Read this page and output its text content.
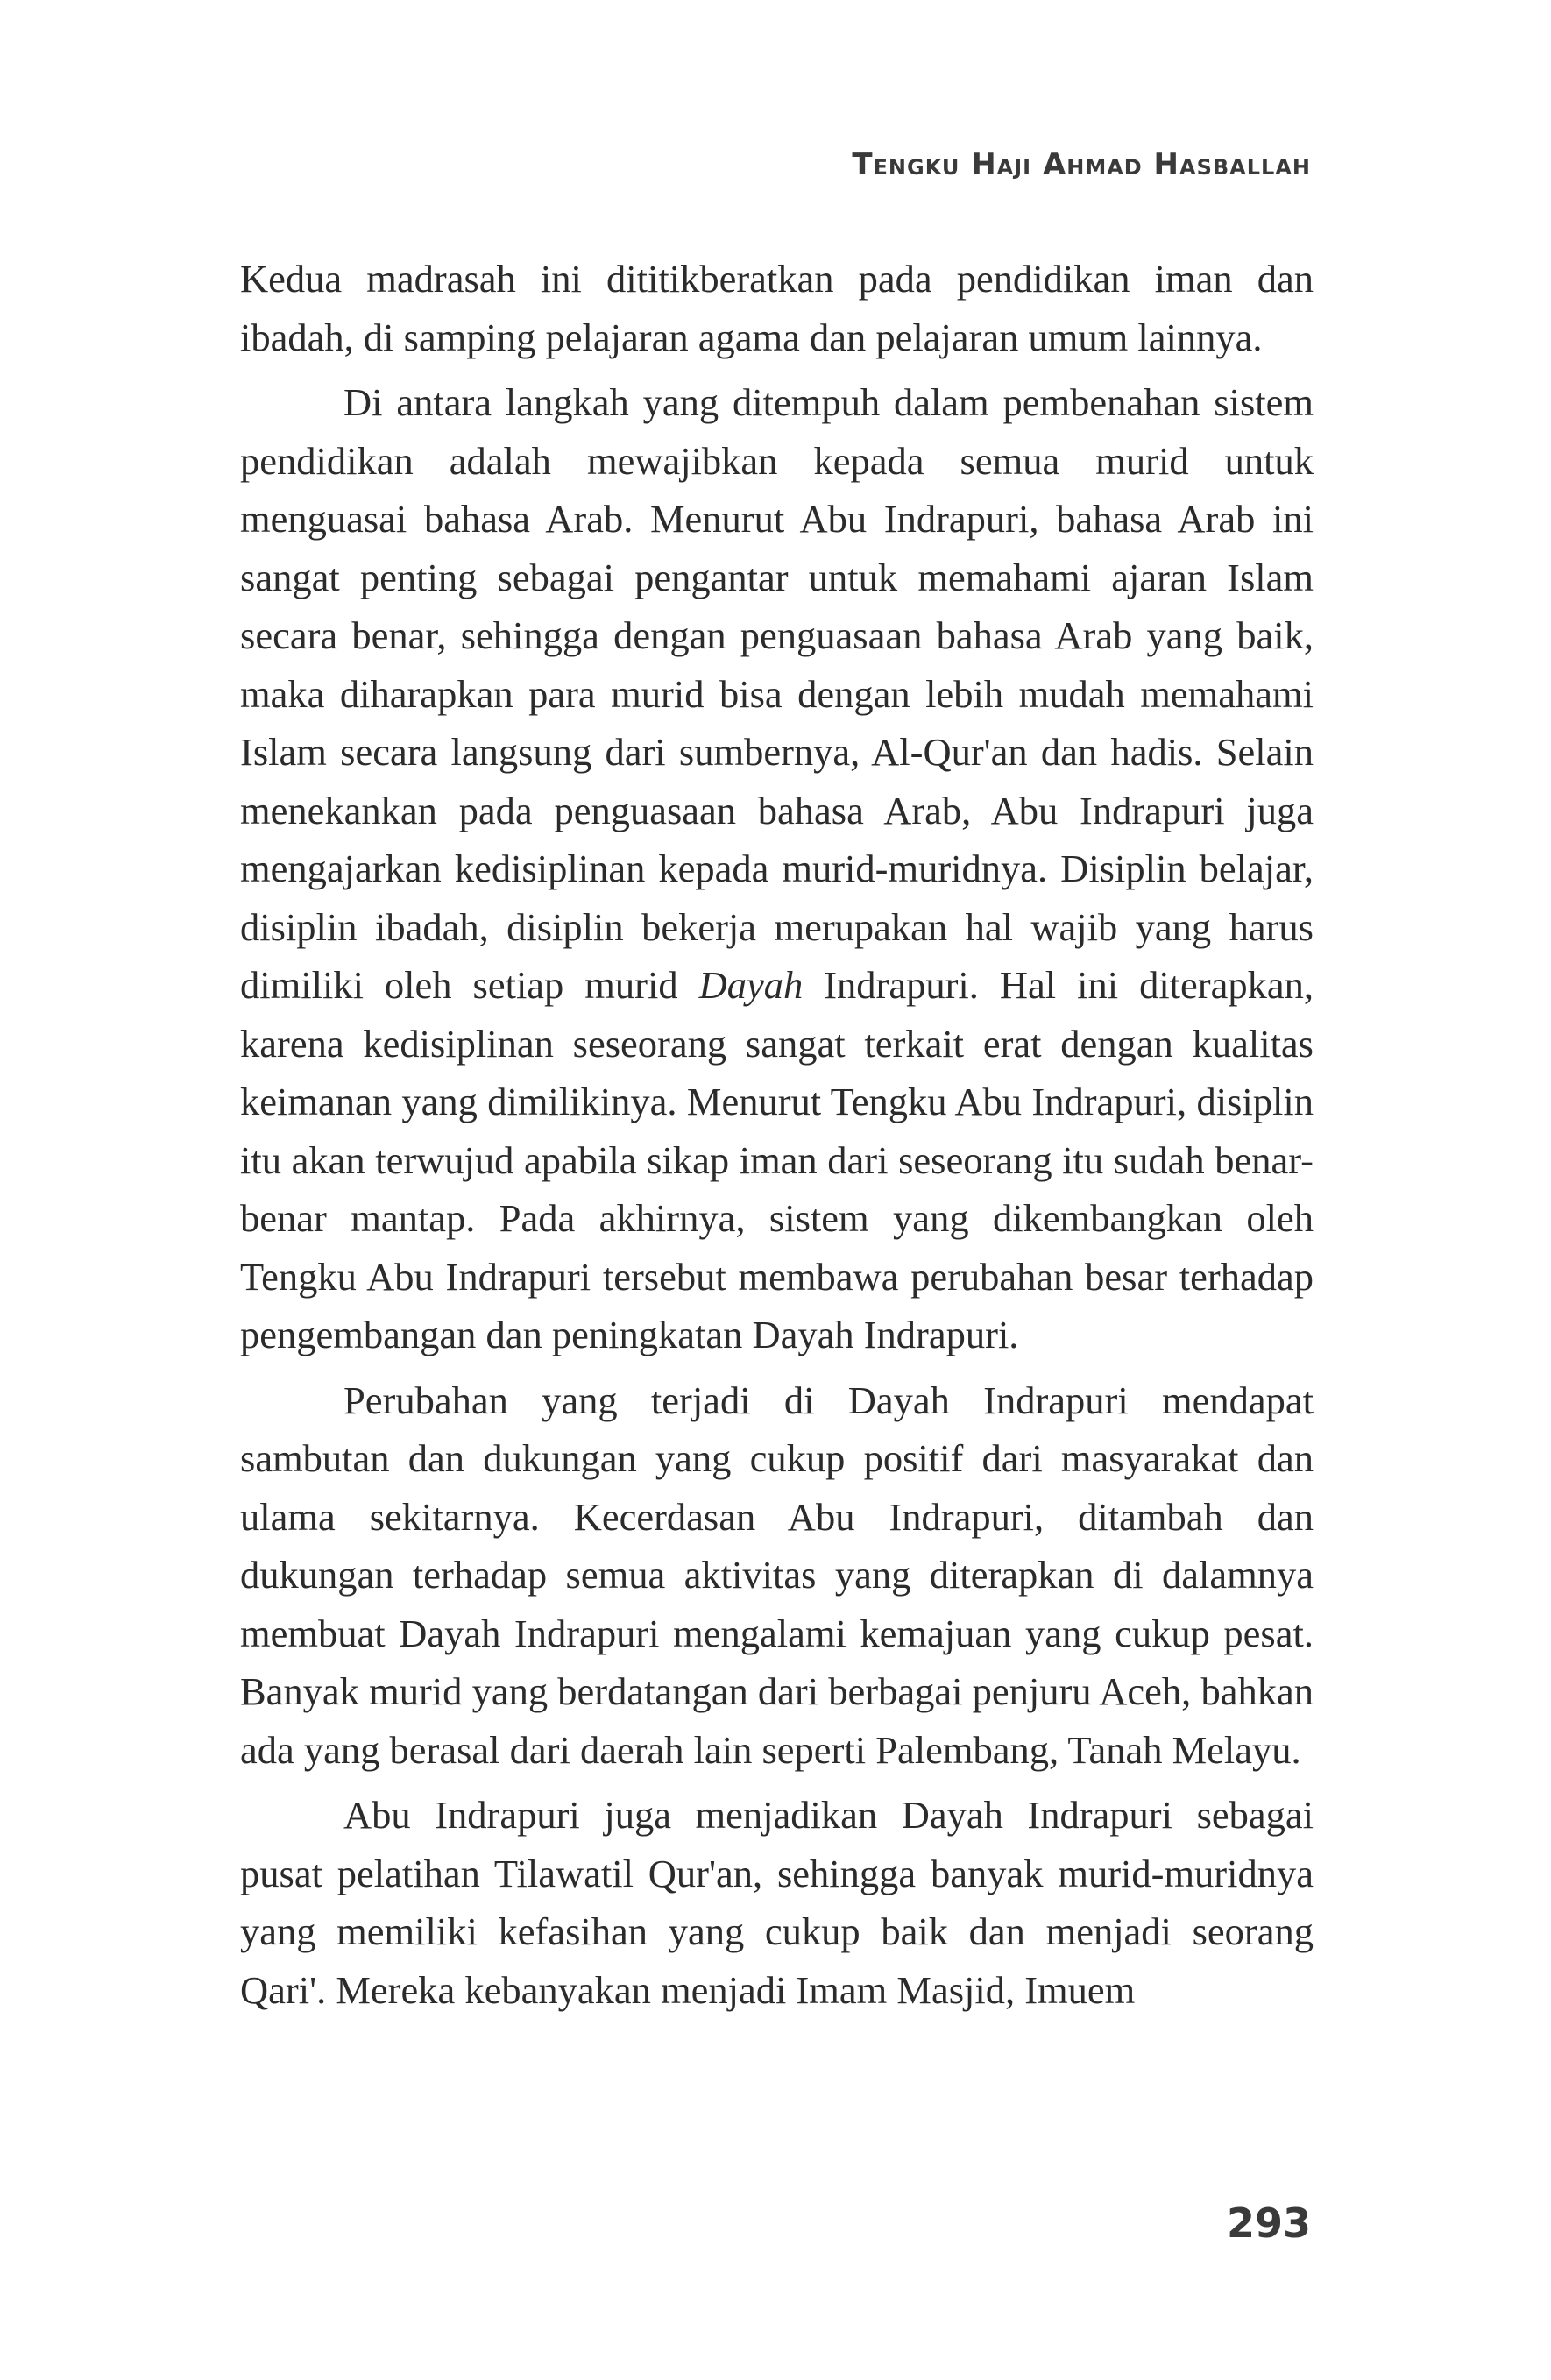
Tengku Haji Ahmad Hasballah

Kedua madrasah ini dititikberatkan pada pendidikan iman dan ibadah, di samping pelajaran agama dan pelajaran umum lainnya.

Di antara langkah yang ditempuh dalam pembenahan sistem pendidikan adalah mewajibkan kepada semua murid untuk menguasai bahasa Arab. Menurut Abu Indrapuri, bahasa Arab ini sangat penting sebagai pengantar untuk memahami ajaran Islam secara benar, sehingga dengan penguasaan bahasa Arab yang baik, maka diharapkan para murid bisa dengan lebih mudah memahami Islam secara langsung dari sumbernya, Al-Qur'an dan hadis. Selain menekankan pada penguasaan bahasa Arab, Abu Indrapuri juga mengajarkan kedisiplinan kepada murid-muridnya. Disiplin belajar, disiplin ibadah, disiplin bekerja merupakan hal wajib yang harus dimiliki oleh setiap murid Dayah Indrapuri. Hal ini diterapkan, karena kedisiplinan seseorang sangat terkait erat dengan kualitas keimanan yang dimilikinya. Menurut Tengku Abu Indrapuri, disiplin itu akan terwujud apabila sikap iman dari seseorang itu sudah benar-benar mantap. Pada akhirnya, sistem yang dikembangkan oleh Tengku Abu Indrapuri tersebut membawa perubahan besar terhadap pengembangan dan peningkatan Dayah Indrapuri.

Perubahan yang terjadi di Dayah Indrapuri mendapat sambutan dan dukungan yang cukup positif dari masyarakat dan ulama sekitarnya. Kecerdasan Abu Indrapuri, ditambah dan dukungan terhadap semua aktivitas yang diterapkan di dalamnya membuat Dayah Indrapuri mengalami kemajuan yang cukup pesat. Banyak murid yang berdatangan dari berbagai penjuru Aceh, bahkan ada yang berasal dari daerah lain seperti Palembang, Tanah Melayu.

Abu Indrapuri juga menjadikan Dayah Indrapuri sebagai pusat pelatihan Tilawatil Qur'an, sehingga banyak murid-muridnya yang memiliki kefasihan yang cukup baik dan menjadi seorang Qari'. Mereka kebanyakan menjadi Imam Masjid, Imuem

293
